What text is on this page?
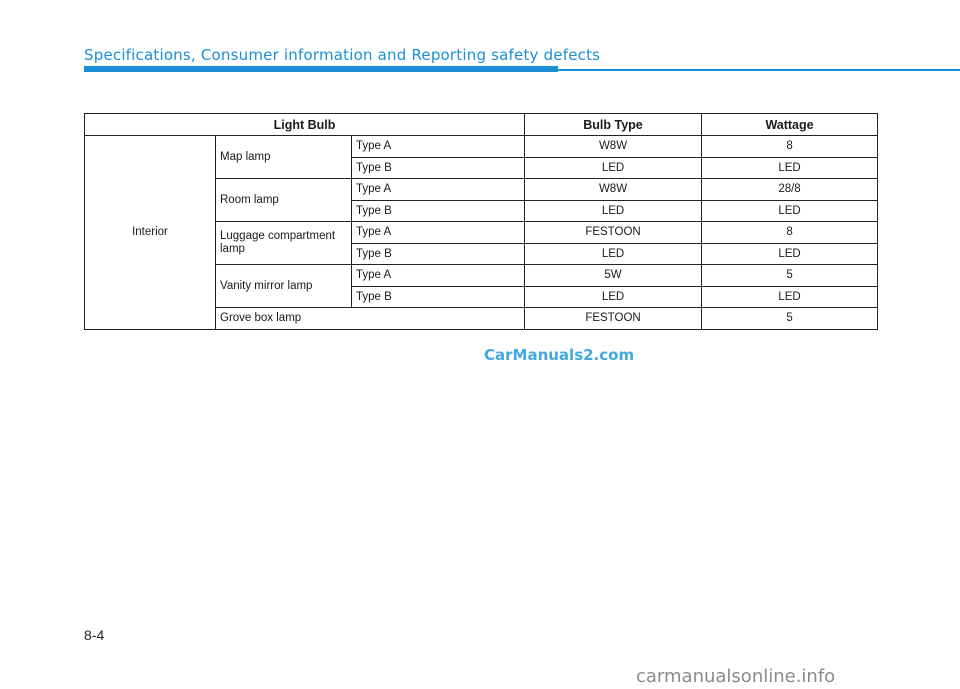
Specifications, Consumer information and Reporting safety defects
Light Bulb			Bulb Type	Wattage
Interior	Map lamp	Type A	W8W	8
		Type B	LED	LED
	Room lamp	Type A	W8W	28/8
		Type B	LED	LED
	Luggage compartment lamp	Type A	FESTOON	8
		Type B	LED	LED
	Vanity mirror lamp	Type A	5W	5
		Type B	LED	LED
	Grove box lamp		FESTOON	5
CarManuals2.com
8-4
carmanualsonline.info
